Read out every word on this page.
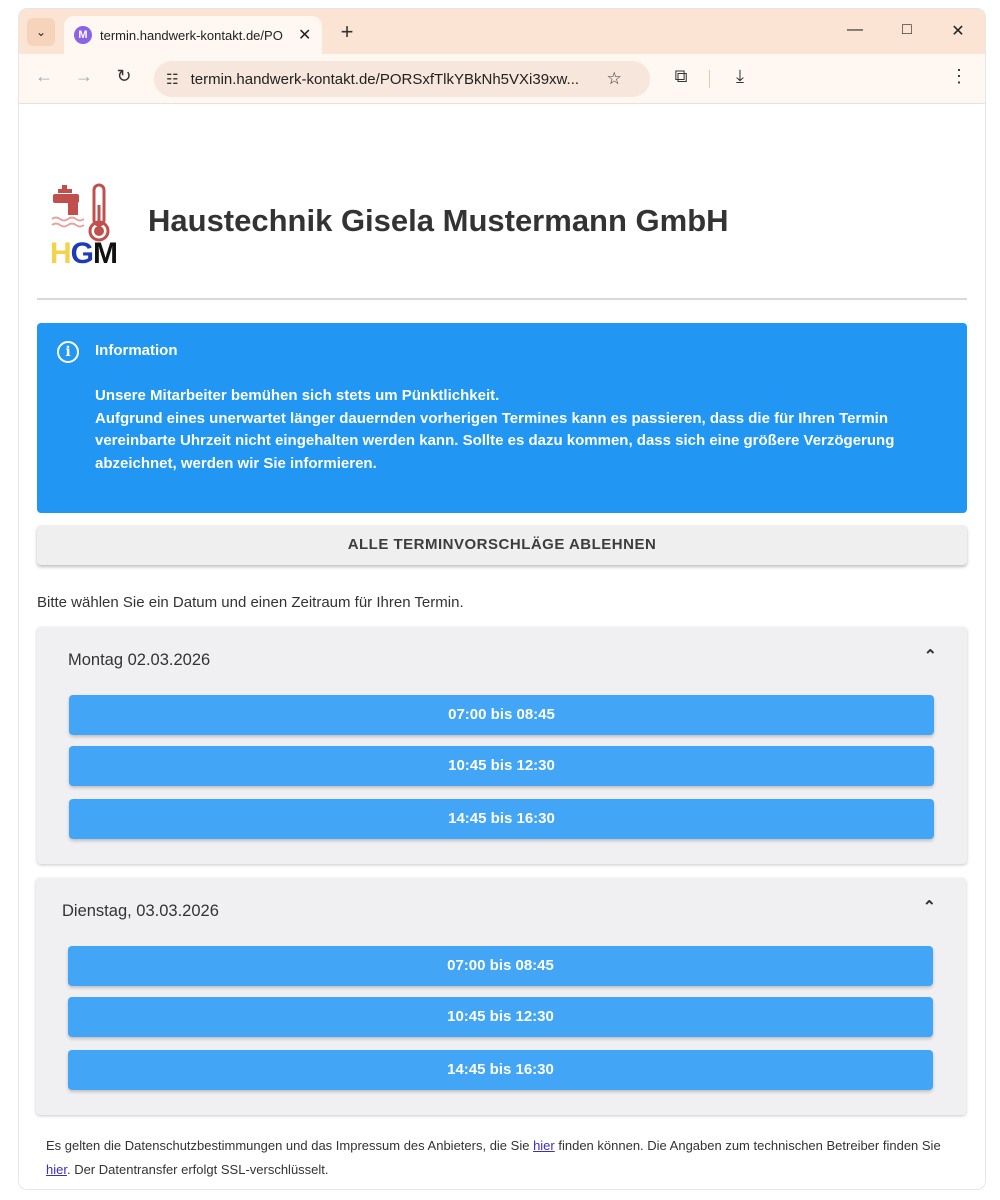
⌄	M termin.handwerk-kontakt.de/PO ✕ +	—	□	✕
← → ↻	☷ termin.handwerk-kontakt.de/PORSxfTlkYBkNh5VXi39xw...	☆	⧉	⤓	⋮
HGM
Haustechnik Gisela Mustermann GmbH
i	Information

Unsere Mitarbeiter bemühen sich stets um Pünktlichkeit.

Aufgrund eines unerwartet länger dauernden vorherigen Termines kann es passieren, dass die für Ihren Termin vereinbarte Uhrzeit nicht eingehalten werden kann. Sollte es dazu kommen, dass sich eine größere Verzögerung abzeichnet, werden wir Sie informieren.

ALLE TERMINVORSCHLÄGE ABLEHNEN
Bitte wählen Sie ein Datum und einen Zeitraum für Ihren Termin.
Montag 02.03.2026	⌃
07:00 bis 08:45
10:45 bis 12:30
14:45 bis 16:30
Dienstag, 03.03.2026	⌃
07:00 bis 08:45
10:45 bis 12:30
14:45 bis 16:30
Es gelten die Datenschutzbestimmungen und das Impressum des Anbieters, die Sie hier finden können. Die Angaben zum technischen Betreiber finden Sie hier. Der Datentransfer erfolgt SSL-verschlüsselt.
